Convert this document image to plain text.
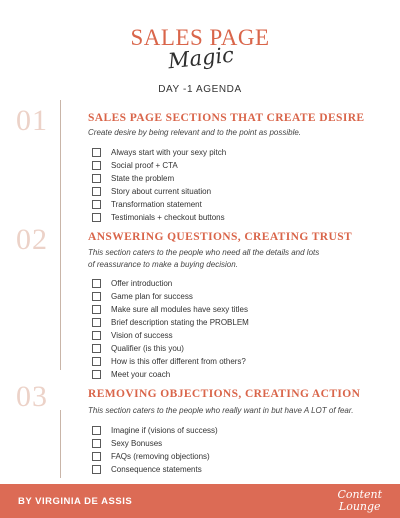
SALES PAGE
Magic
DAY -1 AGENDA
01	SALES PAGE SECTIONS THAT CREATE DESIRE
Create desire by being relevant and to the point as possible.
Always start with your sexy pitch
Social proof + CTA
State the problem
Story about current situation
Transformation statement
Testimonials + checkout buttons
02	ANSWERING QUESTIONS, CREATING TRUST
This section caters to the people who need all the details and lots of reassurance to make a buying decision.
Offer introduction
Game plan for success
Make sure all modules have sexy titles
Brief description stating the PROBLEM
Vision of success
Qualifier (is this you)
How is this offer different from others?
Meet your coach
03	REMOVING OBJECTIONS, CREATING ACTION
This section caters to the people who really want in but have A LOT of fear.
Imagine if (visions of success)
Sexy Bonuses
FAQs (removing objections)
Consequence statements
BY VIRGINIA DE ASSIS
Content
Lounge
